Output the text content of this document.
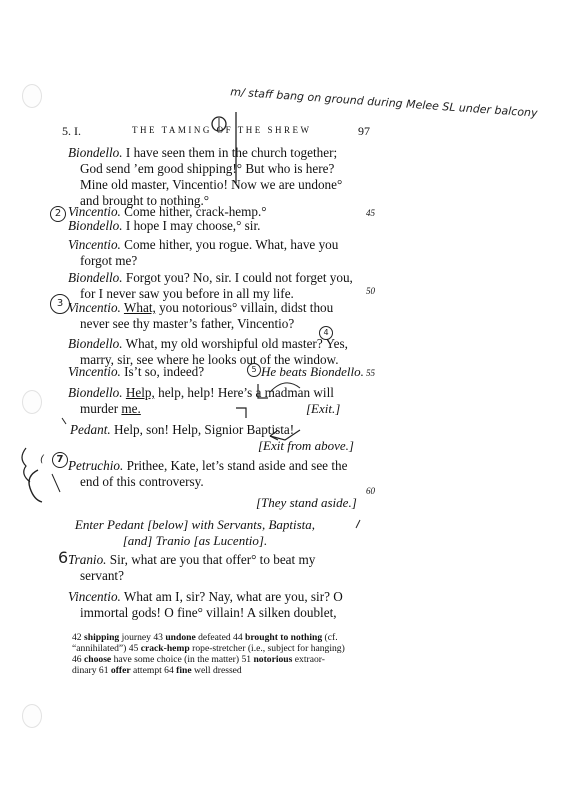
m/ staff bang on ground during Melee SL under balcony
5. I.	THE TAMING OF THE SHREW	97
Biondello. I have seen them in the church together;
God send ’em good shipping!° But who is here?
Mine old master, Vincentio! Now we are undone°
and brought to nothing.°
Vincentio. Come hither, crack-hemp.°	45
Biondello. I hope I may choose,° sir.
Vincentio. Come hither, you rogue. What, have you
forgot me?
Biondello. Forgot you? No, sir. I could not forget you,
for I never saw you before in all my life.	50
Vincentio. What, you notorious° villain, didst thou
never see thy master’s father, Vincentio?
Biondello. What, my old worshipful old master? Yes,
marry, sir, see where he looks out of the window.
Vincentio. Is’t so, indeed?	He beats Biondello. 55
Biondello. Help, help, help! Here’s a madman will
murder me.	[Exit.]
Pedant. Help, son! Help, Signior Baptista!
[Exit from above.]
Petruchio. Prithee, Kate, let’s stand aside and see the
end of this controversy.
60
[They stand aside.]
Enter Pedant [below] with Servants, Baptista,
[and] Tranio [as Lucentio].
Tranio. Sir, what are you that offer° to beat my
servant?
Vincentio. What am I, sir? Nay, what are you, sir? O
immortal gods! O fine° villain! A silken doublet,
42 shipping journey 43 undone defeated 44 brought to nothing (cf.
“annihilated”) 45 crack-hemp rope-stretcher (i.e., subject for hanging)
46 choose have some choice (in the matter) 51 notorious extraor-
dinary 61 offer attempt 64 fine well dressed
2
3
4
5
7
(
6
